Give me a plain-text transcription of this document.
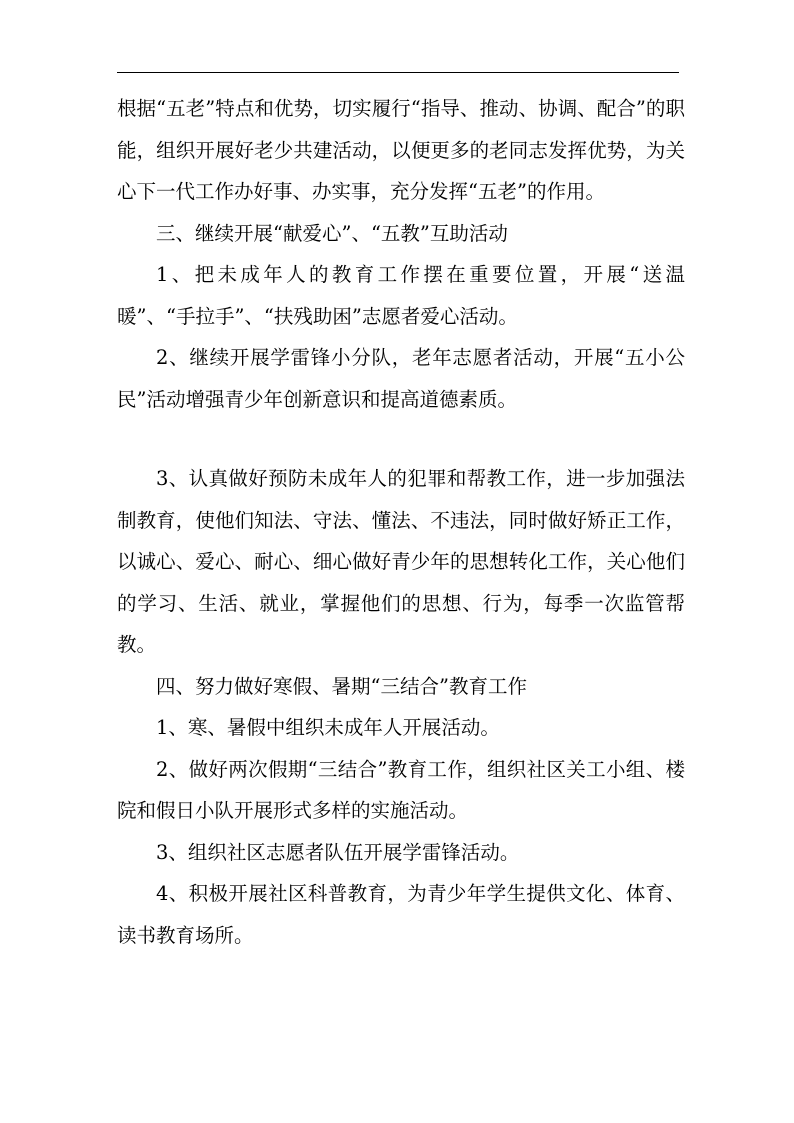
根据“五老”特点和优势，切实履行“指导、推动、协调、配合”的职能，组织开展好老少共建活动，以便更多的老同志发挥优势，为关心下一代工作办好事、办实事，充分发挥“五老”的作用。

三、继续开展“献爱心”、“五教”互助活动

1、把未成年人的教育工作摆在重要位置，开展“送温暖”、“手拉手”、“扶残助困”志愿者爱心活动。

2、继续开展学雷锋小分队，老年志愿者活动，开展“五小公民”活动增强青少年创新意识和提高道德素质。

3、认真做好预防未成年人的犯罪和帮教工作，进一步加强法制教育，使他们知法、守法、懂法、不违法，同时做好矫正工作，以诚心、爱心、耐心、细心做好青少年的思想转化工作，关心他们的学习、生活、就业，掌握他们的思想、行为，每季一次监管帮教。

四、努力做好寒假、暑期“三结合”教育工作

1、寒、暑假中组织未成年人开展活动。

2、做好两次假期“三结合”教育工作，组织社区关工小组、楼院和假日小队开展形式多样的实施活动。

3、组织社区志愿者队伍开展学雷锋活动。

4、积极开展社区科普教育，为青少年学生提供文化、体育、读书教育场所。
